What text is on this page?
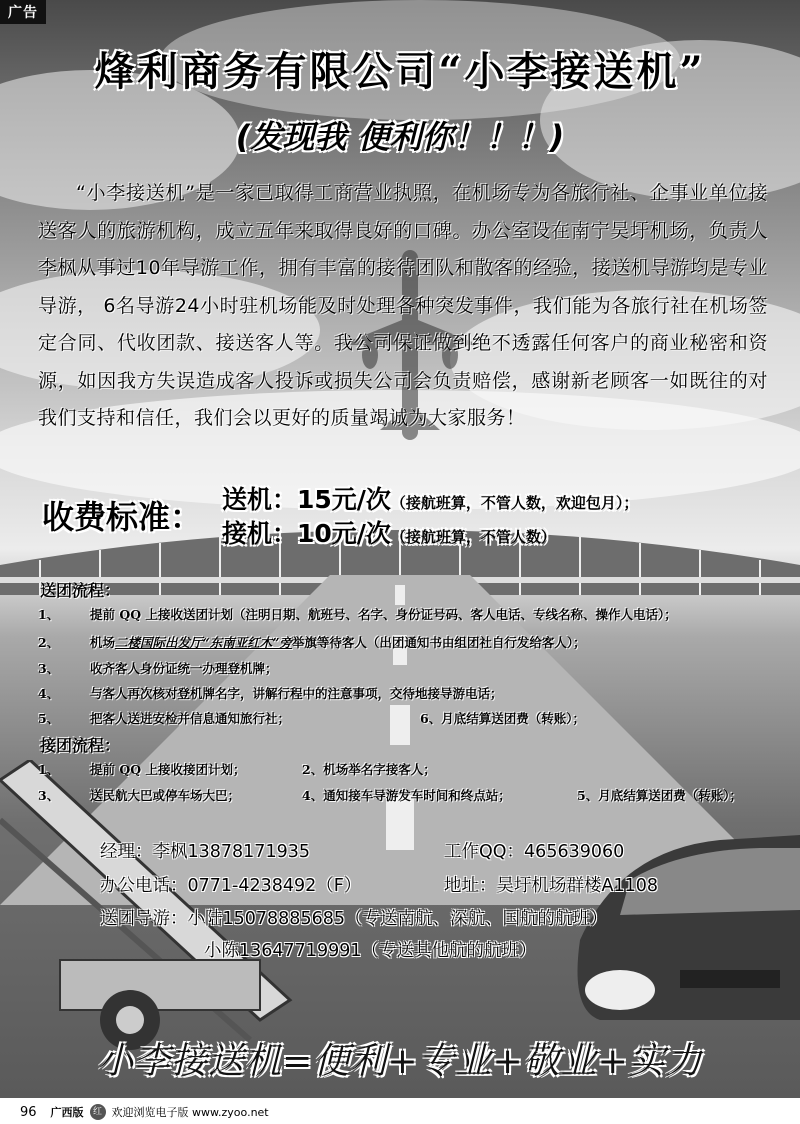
广告
烽利商务有限公司“小李接送机”
(发现我 便利你！！！)
“小李接送机”是一家已取得工商营业执照，在机场专为各旅行社、企事业单位接送客人的旅游机构，成立五年来取得良好的口碑。办公室设在南宁吴圩机场，负责人李枫从事过10年导游工作，拥有丰富的接待团队和散客的经验，接送机导游均是专业导游， 6名导游24小时驻机场能及时处理各种突发事件，我们能为各旅行社在机场签定合同、代收团款、接送客人等。我公司保证做到绝不透露任何客户的商业秘密和资源，如因我方失误造成客人投诉或损失公司会负责赔偿，感谢新老顾客一如既往的对我们支持和信任，我们会以更好的质量竭诚为大家服务！
收费标准： 送机：15元/次（接航班算，不管人数，欢迎包月）；
接机：10元/次（接航班算，不管人数）
送团流程：
1、 提前 QQ 上接收送团计划（注明日期、航班号、名字、身份证号码、客人电话、专线名称、操作人电话）；
2、 机场二楼国际出发厅“东南亚红木”旁举旗等待客人（出团通知书由组团社自行发给客人）；
3、 收齐客人身份证统一办理登机牌；
4、 与客人再次核对登机牌名字，讲解行程中的注意事项，交待地接导游电话；
5、 把客人送进安检并信息通知旅行社；	6、月底结算送团费（转账）；
接团流程：
1、 提前 QQ 上接收接团计划；	2、机场举名字接客人；
3、 送民航大巴或停车场大巴；	4、通知接车导游发车时间和终点站；	5、月底结算送团费（转账）；
经理：李枫13878171935	工作QQ：465639060
办公电话：0771-4238492（F）	地址：吴圩机场群楼A1108
送团导游：小陆15078885685（专送南航、深航、国航的航班）
小陈13647719991（专送其他航的航班）
小李接送机=便利+专业+敬业+实力
96 广西版	红 欢迎浏览电子版 www.zyoo.net
